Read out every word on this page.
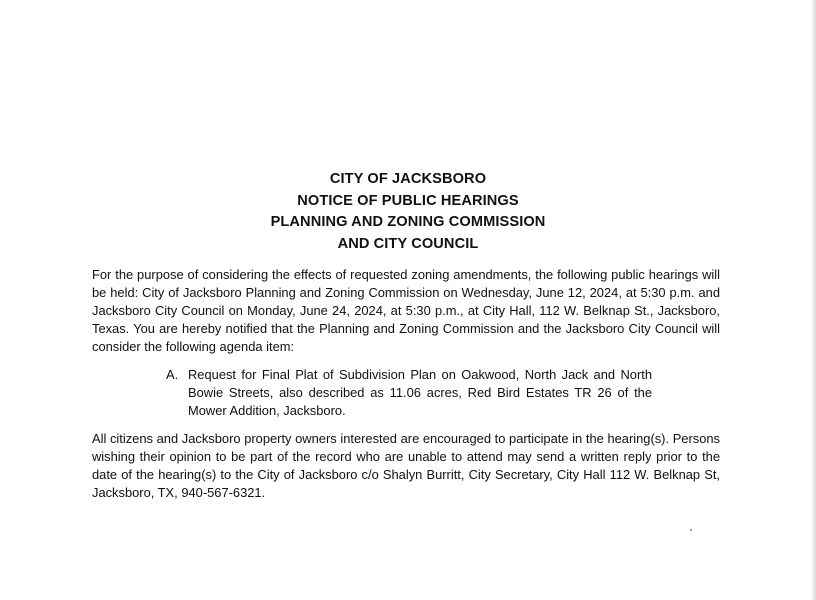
CITY OF JACKSBORO
NOTICE OF PUBLIC HEARINGS
PLANNING AND ZONING COMMISSION
AND CITY COUNCIL
For the purpose of considering the effects of requested zoning amendments, the following public hearings will be held: City of Jacksboro Planning and Zoning Commission on Wednesday, June 12, 2024, at 5:30 p.m. and Jacksboro City Council on Monday, June 24, 2024, at 5:30 p.m., at City Hall, 112 W. Belknap St., Jacksboro, Texas. You are hereby notified that the Planning and Zoning Commission and the Jacksboro City Council will consider the following agenda item:
A. Request for Final Plat of Subdivision Plan on Oakwood, North Jack and North Bowie Streets, also described as 11.06 acres, Red Bird Estates TR 26 of the Mower Addition, Jacksboro.
All citizens and Jacksboro property owners interested are encouraged to participate in the hearing(s). Persons wishing their opinion to be part of the record who are unable to attend may send a written reply prior to the date of the hearing(s) to the City of Jacksboro c/o Shalyn Burritt, City Secretary, City Hall 112 W. Belknap St, Jacksboro, TX, 940-567-6321.
